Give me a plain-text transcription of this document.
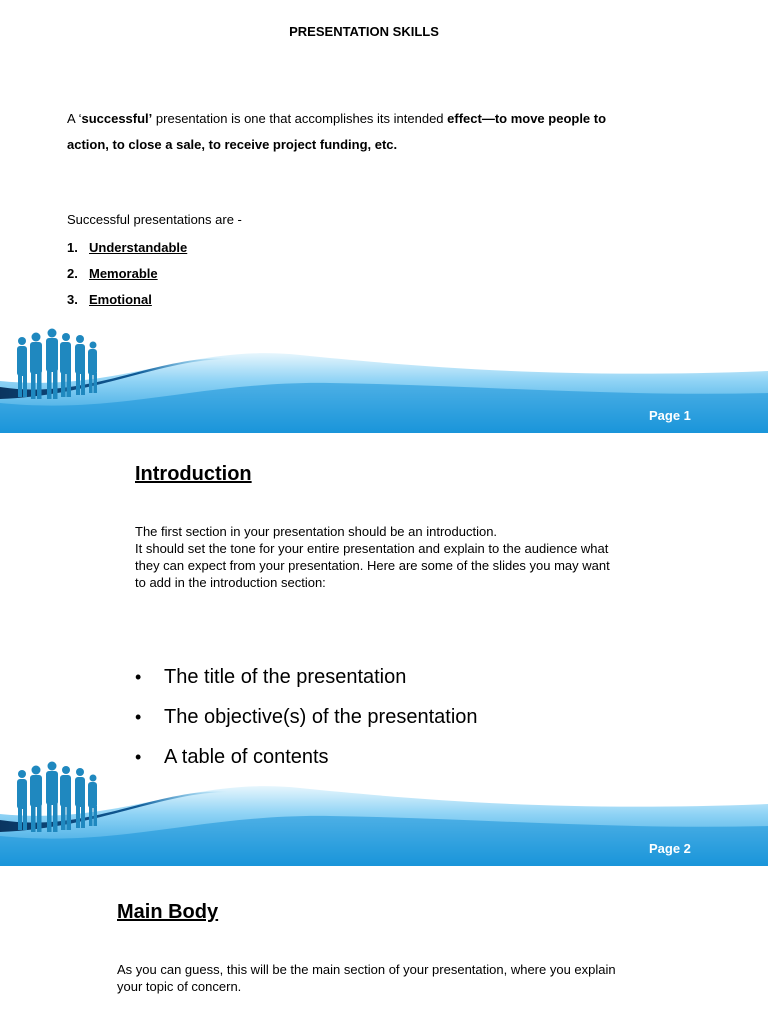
PRESENTATION SKILLS

A ‘successful’ presentation is one that accomplishes its intended effect—to move people to action, to close a sale, to receive project funding, etc.

Successful presentations are -

1. Understandable
2. Memorable
3. Emotional
Page 1
Introduction

The first section in your presentation should be an introduction.
It should set the tone for your entire presentation and explain to the audience what they can expect from your presentation. Here are some of the slides you may want to add in the introduction section:

• The title of the presentation
• The objective(s) of the presentation
• A table of contents
Page 2
Main Body

As you can guess, this will be the main section of your presentation, where you explain your topic of concern.
